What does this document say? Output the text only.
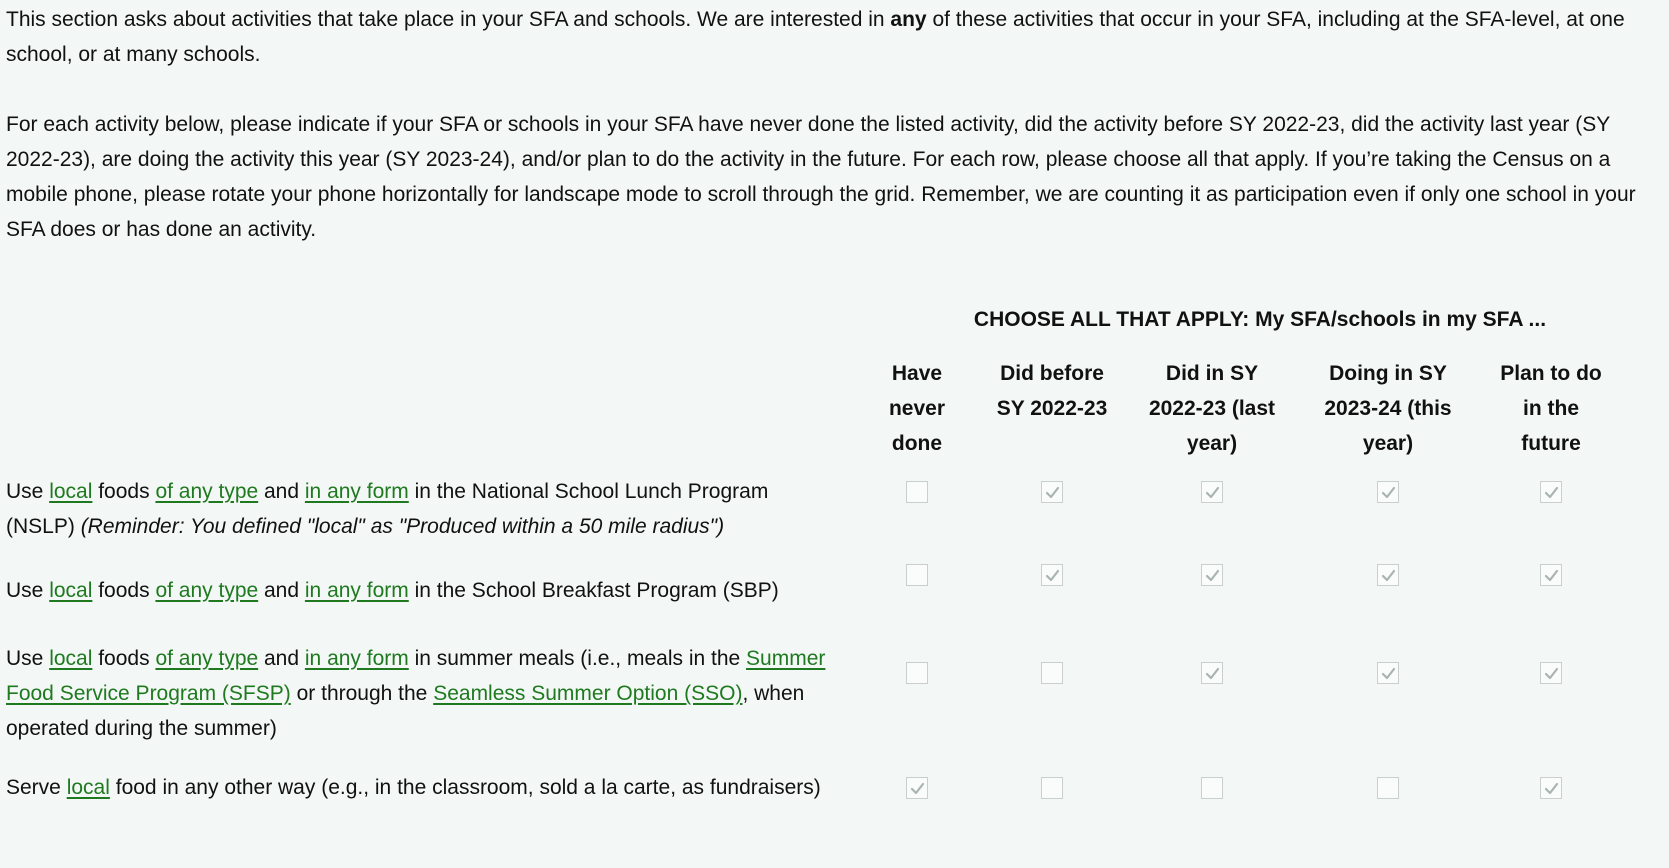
This section asks about activities that take place in your SFA and schools. We are interested in any of these activities that occur in your SFA, including at the SFA-level, at one school, or at many schools.

For each activity below, please indicate if your SFA or schools in your SFA have never done the listed activity, did the activity before SY 2022-23, did the activity last year (SY 2022-23), are doing the activity this year (SY 2023-24), and/or plan to do the activity in the future. For each row, please choose all that apply. If you’re taking the Census on a mobile phone, please rotate your phone horizontally for landscape mode to scroll through the grid. Remember, we are counting it as participation even if only one school in your SFA does or has done an activity.

CHOOSE ALL THAT APPLY: My SFA/schools in my SFA ...
Have
never
done
Did before
SY 2022-23
Did in SY
2022-23 (last
year)
Doing in SY
2023-24 (this
year)
Plan to do
in the
future
Use local foods of any type and in any form in the National School Lunch Program (NSLP) (Reminder: You defined "local" as "Produced within a 50 mile radius")
Use local foods of any type and in any form in the School Breakfast Program (SBP)
Use local foods of any type and in any form in summer meals (i.e., meals in the Summer Food Service Program (SFSP) or through the Seamless Summer Option (SSO), when operated during the summer)
Serve local food in any other way (e.g., in the classroom, sold a la carte, as fundraisers)
